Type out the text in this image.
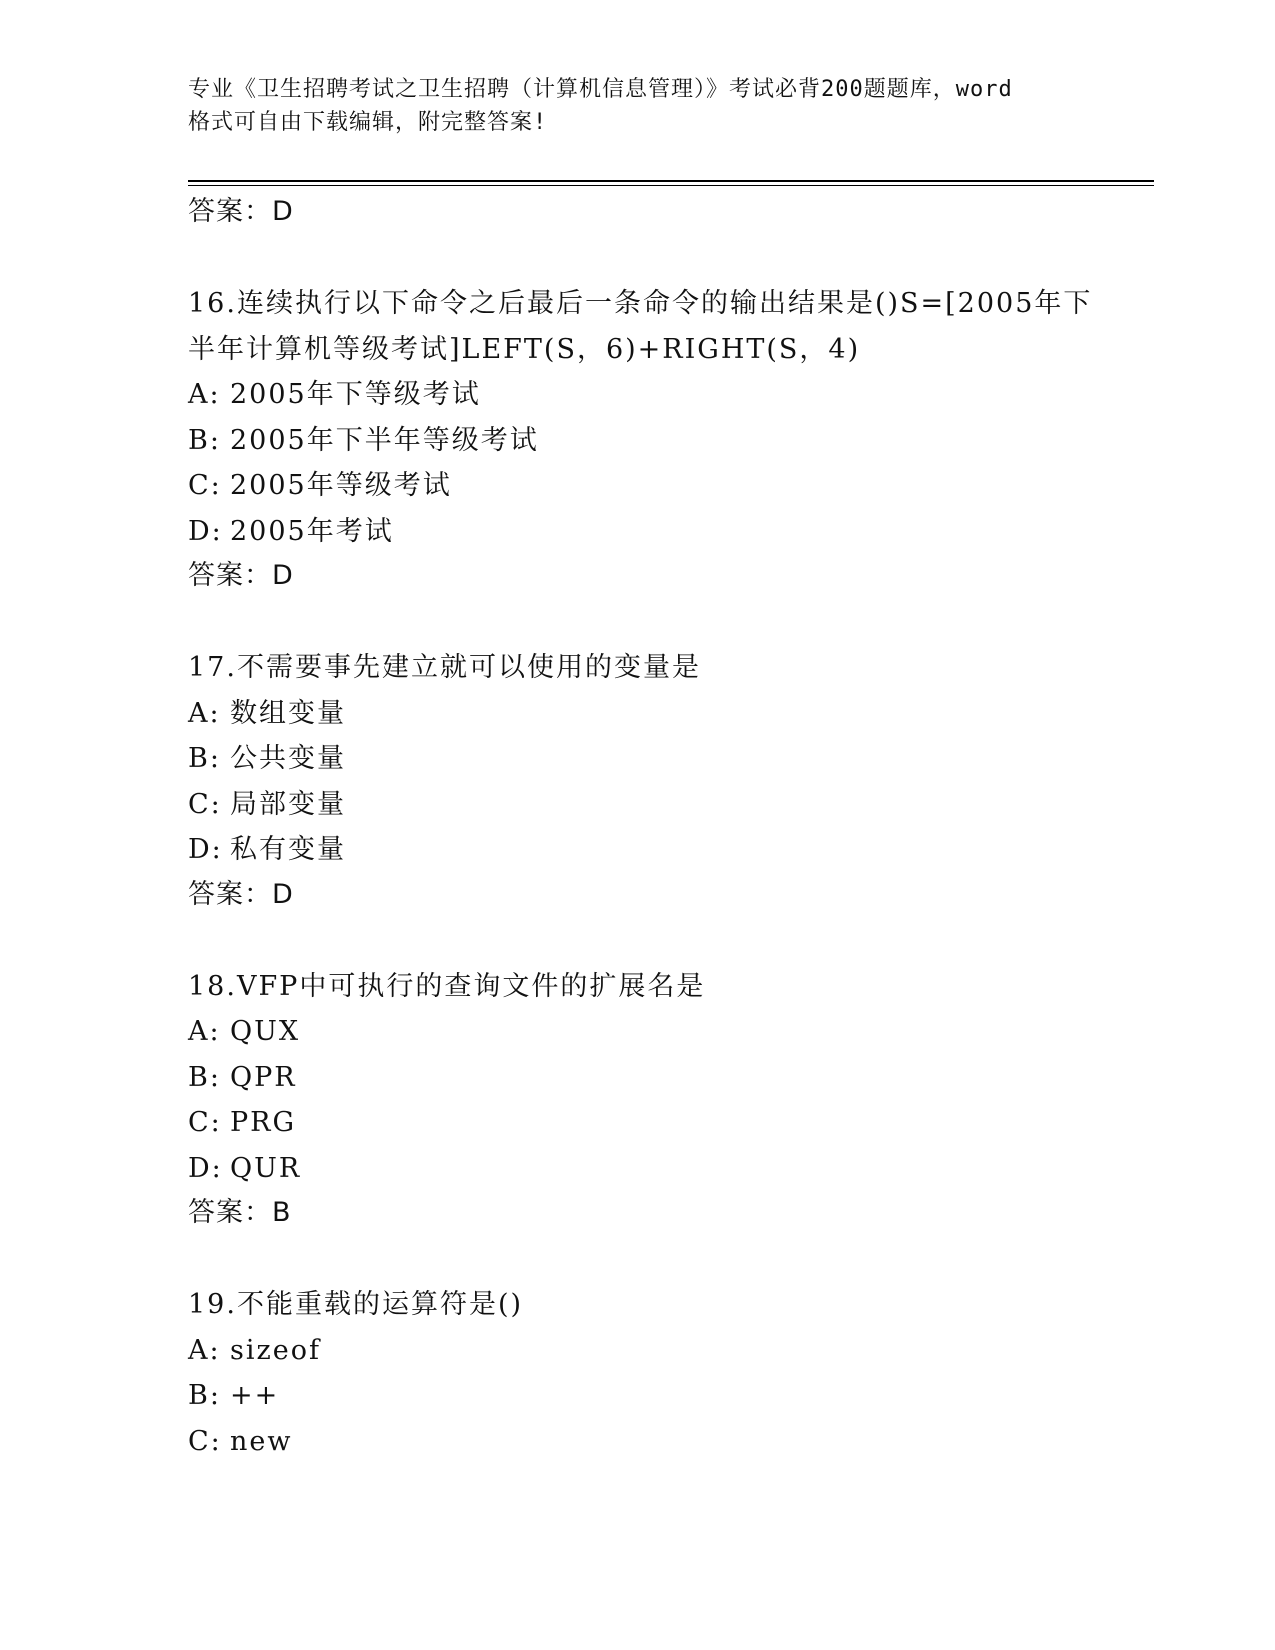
专业《卫生招聘考试之卫生招聘（计算机信息管理）》考试必背200题题库，word
格式可自由下载编辑，附完整答案!
答案：D
16.连续执行以下命令之后最后一条命令的输出结果是()S=[2005年下
半年计算机等级考试]LEFT(S，6)+RIGHT(S，4)
A: 2005年下等级考试
B: 2005年下半年等级考试
C: 2005年等级考试
D: 2005年考试
答案：D
17.不需要事先建立就可以使用的变量是
A: 数组变量
B: 公共变量
C: 局部变量
D: 私有变量
答案：D
18.VFP中可执行的查询文件的扩展名是
A: QUX
B: QPR
C: PRG
D: QUR
答案：B
19.不能重载的运算符是()
A: sizeof
B: ++
C: new
